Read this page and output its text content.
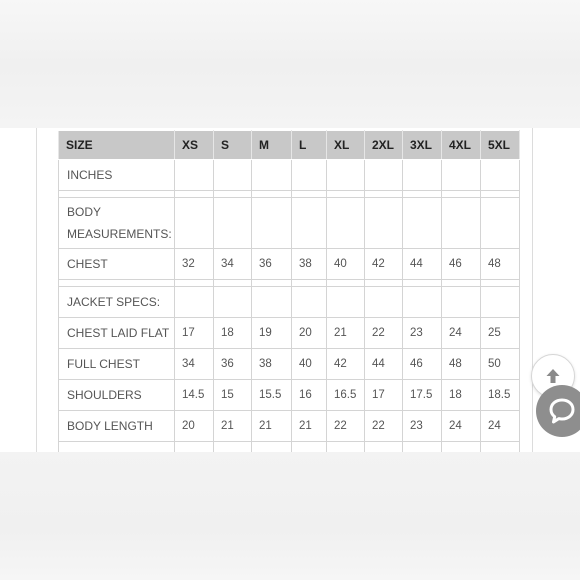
SIZE	XS	S	M	L	XL	2XL	3XL	4XL	5XL
INCHES									

BODY MEASUREMENTS:									
CHEST	32	34	36	38	40	42	44	46	48

JACKET SPECS:									
CHEST LAID FLAT	17	18	19	20	21	22	23	24	25
FULL CHEST	34	36	38	40	42	44	46	48	50
SHOULDERS	14.5	15	15.5	16	16.5	17	17.5	18	18.5
BODY LENGTH	20	21	21	21	22	22	23	24	24
